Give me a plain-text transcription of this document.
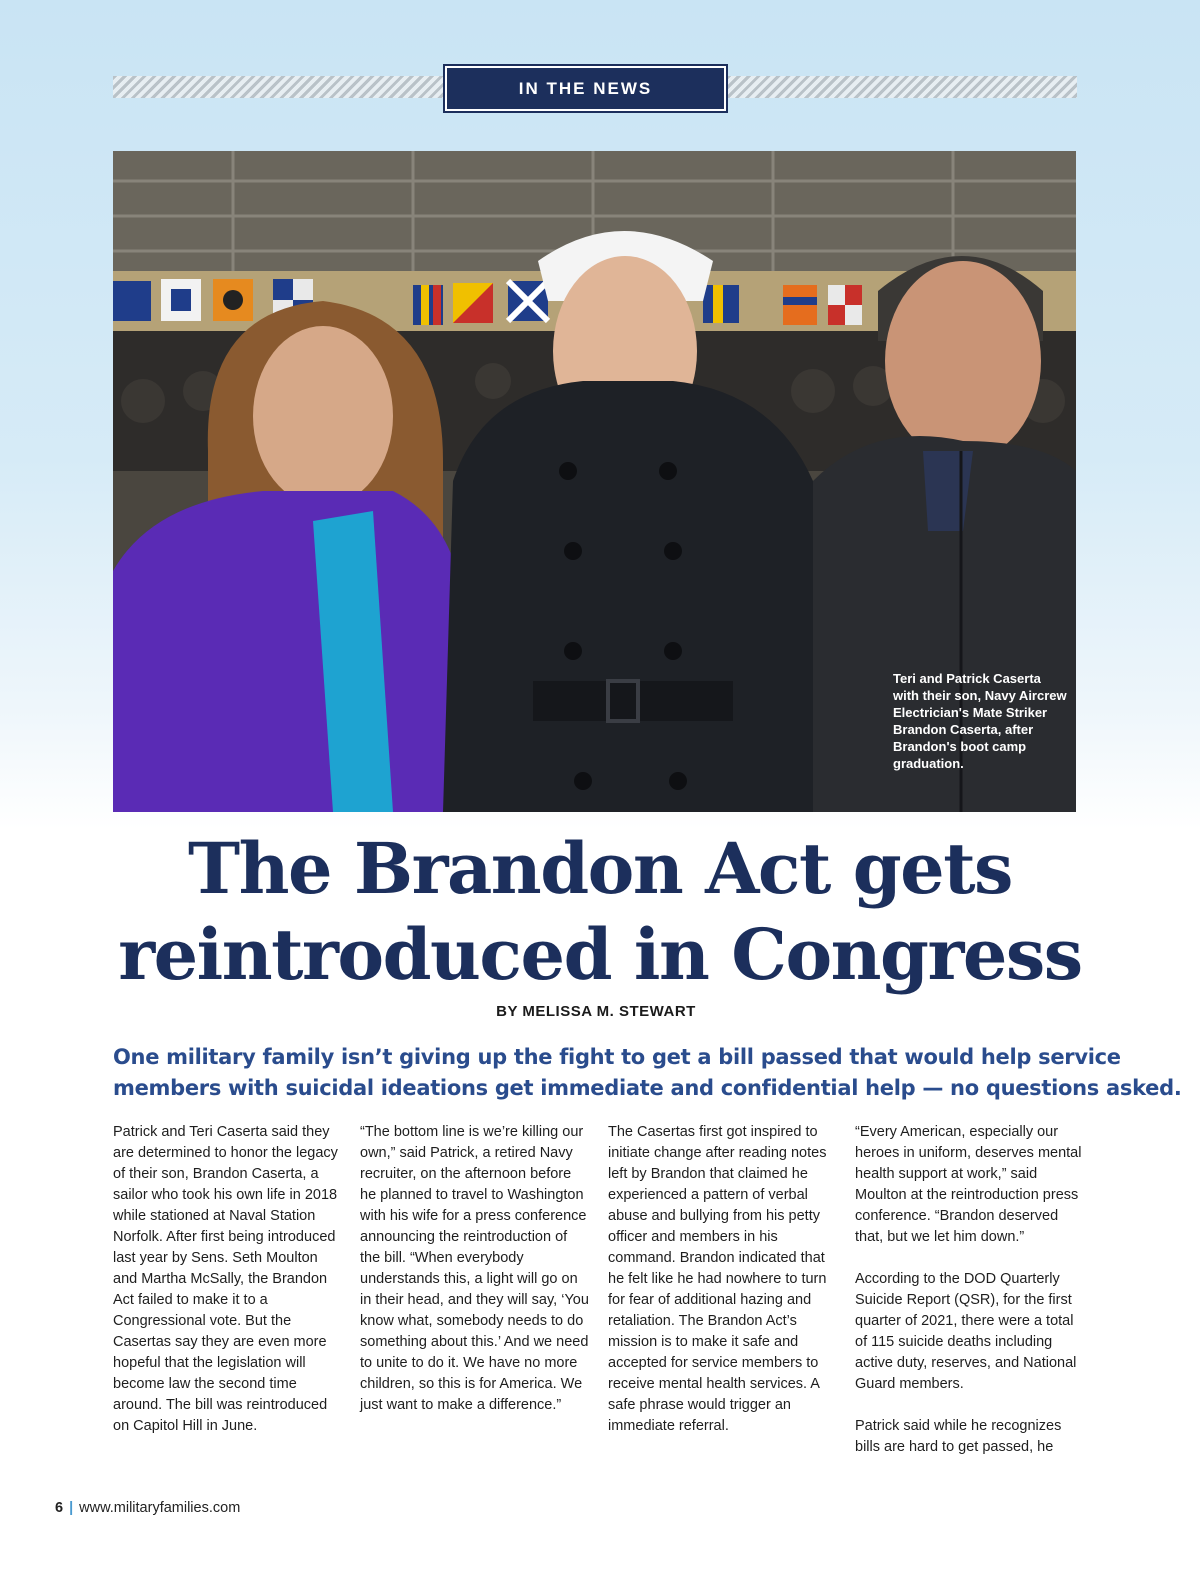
IN THE NEWS
Teri and Patrick Caserta with their son, Navy Aircrew Electrician's Mate Striker Brandon Caserta, after Brandon's boot camp graduation.
The Brandon Act gets
reintroduced in Congress
BY MELISSA M. STEWART

One military family isn’t giving up the fight to get a bill passed that would help service

members with suicidal ideations get immediate and confidential help — no questions asked.

Patrick and Teri Caserta said they are determined to honor the legacy of their son, Brandon Caserta, a sailor who took his own life in 2018 while stationed at Naval Station Norfolk. After first being introduced last year by Sens. Seth Moulton and Martha McSally, the Brandon Act failed to make it to a Congressional vote. But the Casertas say they are even more hopeful that the legislation will become law the second time around. The bill was reintroduced on Capitol Hill in June.

“The bottom line is we’re killing our own,” said Patrick, a retired Navy recruiter, on the afternoon before he planned to travel to Washington with his wife for a press conference announcing the reintroduction of the bill. “When everybody understands this, a light will go on in their head, and they will say, ‘You know what, somebody needs to do something about this.’ And we need to unite to do it. We have no more children, so this is for America. We just want to make a difference.”

The Casertas first got inspired to initiate change after reading notes left by Brandon that claimed he experienced a pattern of verbal abuse and bullying from his petty officer and members in his command. Brandon indicated that he felt like he had nowhere to turn for fear of additional hazing and retaliation. The Brandon Act’s mission is to make it safe and accepted for service members to receive mental health services. A safe phrase would trigger an immediate referral.

“Every American, especially our heroes in uniform, deserves mental health support at work,” said Moulton at the reintroduction press conference. “Brandon deserved that, but we let him down.”

According to the DOD Quarterly Suicide Report (QSR), for the first quarter of 2021, there were a total of 115 suicide deaths including active duty, reserves, and National Guard members.

Patrick said while he recognizes bills are hard to get passed, he

6 | www.militaryfamilies.com
